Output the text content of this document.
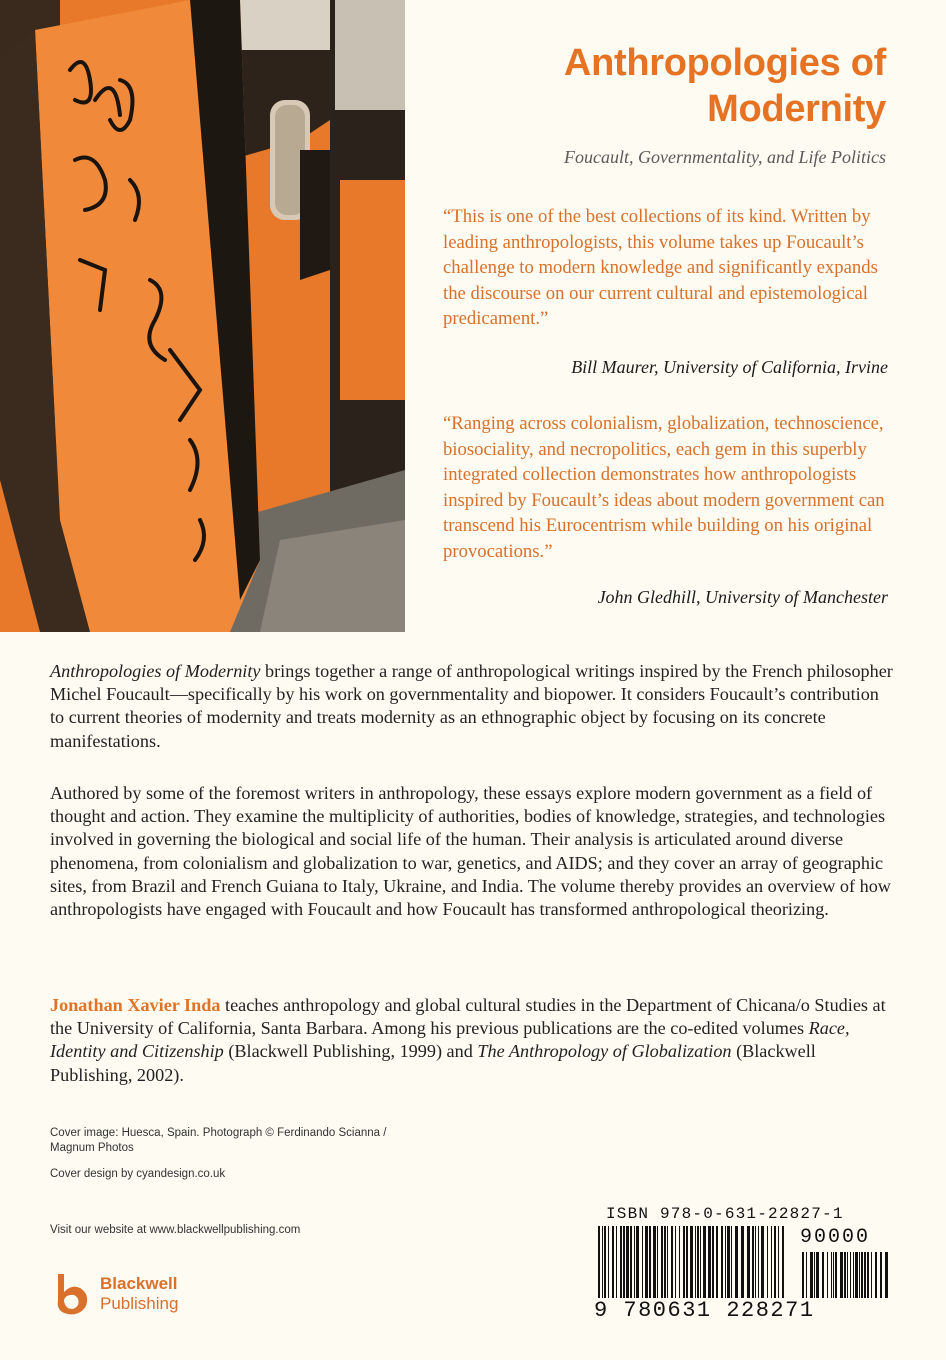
Anthropologies of Modernity
Foucault, Governmentality, and Life Politics
“This is one of the best collections of its kind. Written by leading anthropologists, this volume takes up Foucault’s challenge to modern knowledge and significantly expands the discourse on our current cultural and epistemological predicament.”
Bill Maurer, University of California, Irvine
“Ranging across colonialism, globalization, technoscience, biosociality, and necropolitics, each gem in this superbly integrated collection demonstrates how anthropologists inspired by Foucault’s ideas about modern government can transcend his Eurocentrism while building on his original provocations.”
John Gledhill, University of Manchester

Anthropologies of Modernity brings together a range of anthropological writings inspired by the French philosopher Michel Foucault—specifically by his work on governmentality and biopower. It considers Foucault’s contribution to current theories of modernity and treats modernity as an ethnographic object by focusing on its concrete manifestations.

Authored by some of the foremost writers in anthropology, these essays explore modern government as a field of thought and action. They examine the multiplicity of authorities, bodies of knowledge, strategies, and technologies involved in governing the biological and social life of the human. Their analysis is articulated around diverse phenomena, from colonialism and globalization to war, genetics, and AIDS; and they cover an array of geographic sites, from Brazil and French Guiana to Italy, Ukraine, and India. The volume thereby provides an overview of how anthropologists have engaged with Foucault and how Foucault has transformed anthropological theorizing.

Jonathan Xavier Inda teaches anthropology and global cultural studies in the Department of Chicana/o Studies at the University of California, Santa Barbara. Among his previous publications are the co-edited volumes Race, Identity and Citizenship (Blackwell Publishing, 1999) and The Anthropology of Globalization (Blackwell Publishing, 2002).

Cover image: Huesca, Spain. Photograph © Ferdinando Scianna / Magnum Photos
Cover design by cyandesign.co.uk
Visit our website at www.blackwellpublishing.com
Blackwell
Publishing
ISBN 978-0-631-22827-1
90000
9 780631 228271
